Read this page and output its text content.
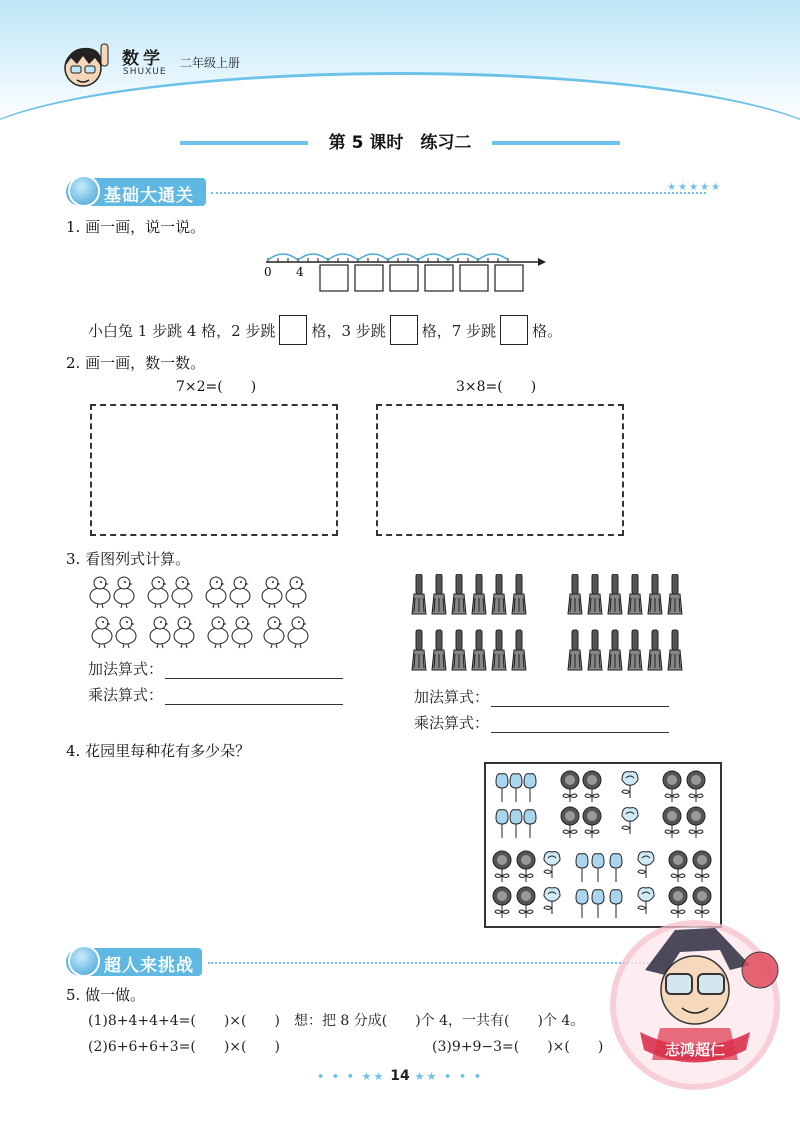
数学
SHUXUE
二年级上册
第 5 课时　练习二
基础大通关	★★★★★
1. 画一画，说一说。
0 4
小白兔 1 步跳 4 格，2 步跳 格，3 步跳 格，7 步跳 格。
2. 画一画，数一数。
7×2=(　　)	3×8=(　　)
3. 看图列式计算。
加法算式：
乘法算式：	加法算式：
乘法算式：
4. 花园里每种花有多少朵？
超人来挑战
5. 做一做。
(1)8+4+4+4=(　　)×(　　)　想：把 8 分成(　　)个 4，一共有(　　)个 4。
(2)6+6+6+3=(　　)×(　　)	(3)9+9−3=(　　)×(　　)	志鸿超仁
• • • ★★ 14 ★★ • • •
